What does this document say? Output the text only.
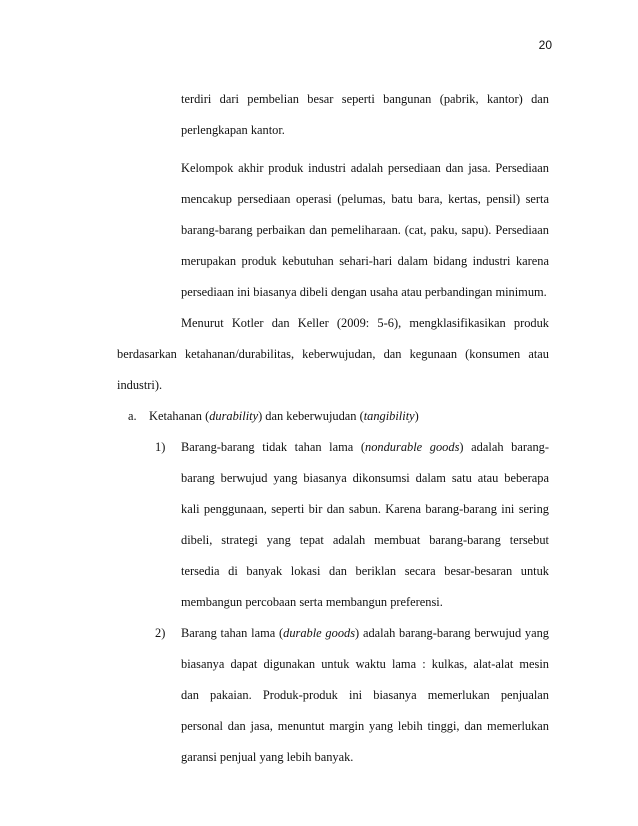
20
terdiri dari pembelian besar seperti bangunan (pabrik, kantor) dan
perlengkapan kantor.
Kelompok akhir produk industri adalah persediaan dan jasa. Persediaan
mencakup persediaan operasi (pelumas, batu bara, kertas, pensil) serta
barang-barang perbaikan dan pemeliharaan. (cat, paku, sapu). Persediaan
merupakan produk kebutuhan sehari-hari dalam bidang industri karena
persediaan ini biasanya dibeli dengan usaha atau perbandingan minimum.
Menurut Kotler dan Keller (2009: 5-6), mengklasifikasikan produk
berdasarkan ketahanan/durabilitas, keberwujudan, dan kegunaan (konsumen atau
industri).
a. Ketahanan (durability) dan keberwujudan (tangibility)
1) Barang-barang tidak tahan lama (nondurable goods) adalah barang-
barang berwujud yang biasanya dikonsumsi dalam satu atau beberapa
kali penggunaan, seperti bir dan sabun. Karena barang-barang ini sering
dibeli, strategi yang tepat adalah membuat barang-barang tersebut
tersedia di banyak lokasi dan beriklan secara besar-besaran untuk
membangun percobaan serta membangun preferensi.
2) Barang tahan lama (durable goods) adalah barang-barang berwujud yang
biasanya dapat digunakan untuk waktu lama : kulkas, alat-alat mesin
dan pakaian. Produk-produk ini biasanya memerlukan penjualan
personal dan jasa, menuntut margin yang lebih tinggi, dan memerlukan
garansi penjual yang lebih banyak.
